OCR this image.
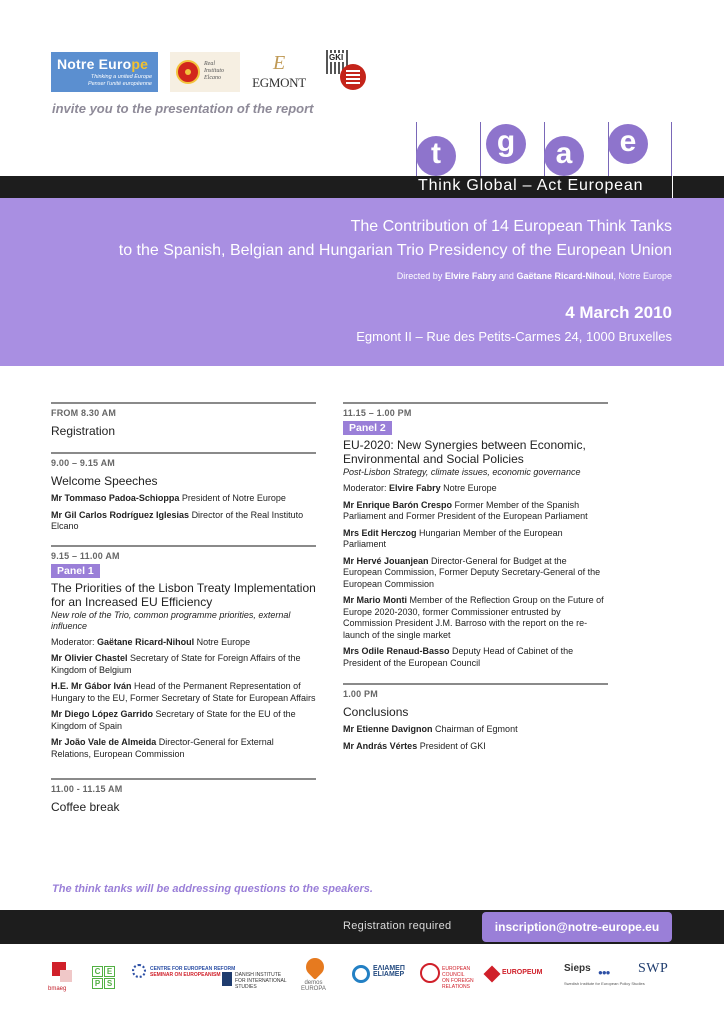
Notre Europe
Thinking a united Europe
Penser l'unité européenne
Real
Instituto
Elcano
E
EGMONT
GKI
invite you to the presentation of the report
t	g	a	e
Think Global – Act European
The Contribution of 14 European Think Tanks
to the Spanish, Belgian and Hungarian Trio Presidency of the European Union
Directed by Elvire Fabry and Gaëtane Ricard-Nihoul, Notre Europe
4 March 2010
Egmont II – Rue des Petits-Carmes 24, 1000 Bruxelles
FROM 8.30 AM
Registration
9.00 – 9.15 AM
Welcome Speeches
Mr Tommaso Padoa-Schioppa President of Notre Europe
Mr Gil Carlos Rodríguez Iglesias Director of the Real Instituto Elcano
9.15 – 11.00 AM
Panel 1
The Priorities of the Lisbon Treaty Implementation for an Increased EU Efficiency
New role of the Trio, common programme priorities, external influence
Moderator: Gaëtane Ricard-Nihoul Notre Europe
Mr Olivier Chastel Secretary of State for Foreign Affairs of the Kingdom of Belgium
H.E. Mr Gábor Iván Head of the Permanent Representation of Hungary to the EU, Former Secretary of State for European Affairs
Mr Diego López Garrido Secretary of State for the EU of the Kingdom of Spain
Mr João Vale de Almeida Director-General for External Relations, European Commission
11.00 - 11.15 AM
Coffee break
11.15 – 1.00 PM
Panel 2
EU-2020: New Synergies between Economic, Environmental and Social Policies
Post-Lisbon Strategy, climate issues, economic governance
Moderator: Elvire Fabry Notre Europe
Mr Enrique Barón Crespo Former Member of the Spanish Parliament and Former President of the European Parliament
Mrs Edit Herczog Hungarian Member of the European Parliament
Mr Hervé Jouanjean Director-General for Budget at the European Commission, Former Deputy Secretary-General of the European Commission
Mr Mario Monti Member of the Reflection Group on the Future of Europe 2020-2030, former Commissioner entrusted by Commission President J.M. Barroso with the report on the re-launch of the single market
Mrs Odile Renaud-Basso Deputy Head of Cabinet of the President of the European Council
1.00 PM
Conclusions
Mr Etienne Davignon Chairman of Egmont
Mr András Vértes President of GKI
The think tanks will be addressing questions to the speakers.
Registration required	inscription@notre-europe.eu
bmaeg
C E
P S
CENTRE FOR EUROPEAN REFORM
SEMINAR ON EUROPEANISM	DANISH INSTITUTE
FOR INTERNATIONAL
STUDIES
demos
EUROPA
ΕΛΙΑΜΕΠ
ELIAMEP
EUROPEAN
COUNCIL
ON FOREIGN
RELATIONS
EUROPEUM Sieps ●●●
Swedish Institute for European Policy Studies
SWP
